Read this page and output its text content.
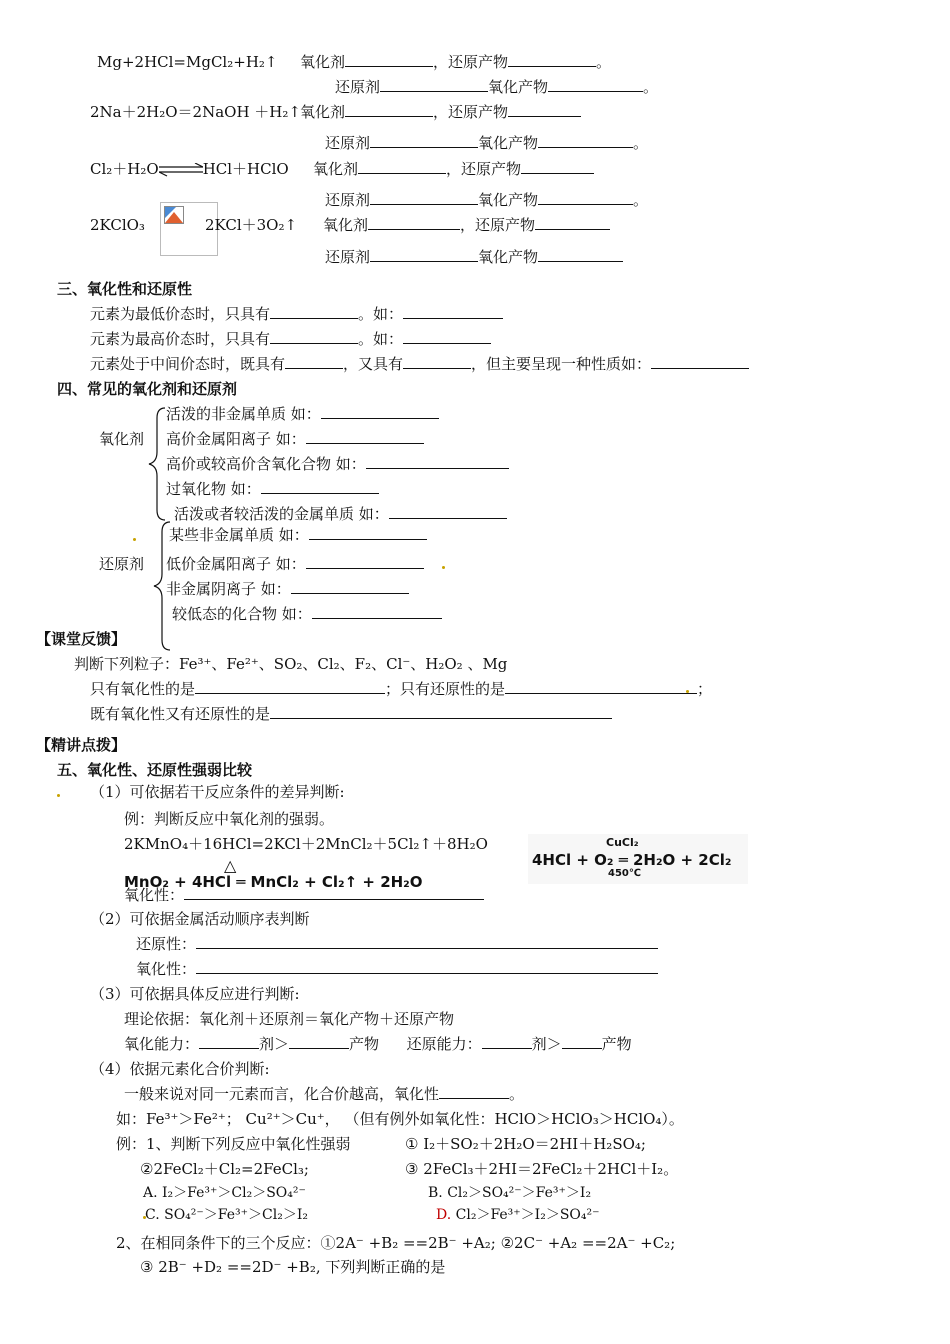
Mg+2HCl=MgCl₂+H₂↑ 氧化剂	，还原产物	。
还原剂	氧化产物	。
2Na＋2H₂O＝2NaOH ＋H₂↑ 氧化剂	，还原产物
还原剂	氧化产物	。
Cl₂＋H₂O⇌HCl＋HClO 氧化剂	，还原产物
还原剂	氧化产物	。
2KClO₃	2KCl＋3O₂↑ 氧化剂	，还原产物
还原剂	氧化产物
三、氧化性和还原性
元素为最低价态时，只具有	。如：
元素为最高价态时，只具有	。如：
元素处于中间价态时，既具有	，又具有	，但主要呈现一种性质如：
四、常见的氧化剂和还原剂
氧化剂
活泼的非金属单质 如：
高价金属阳离子 如：
高价或较高价含氧化合物 如：
过氧化物 如：
活泼或者较活泼的金属单质 如：
还原剂
某些非金属单质 如：
低价金属阳离子 如：
非金属阴离子 如：
较低态的化合物 如：
【课堂反馈】
判断下列粒子：Fe³⁺、Fe²⁺、SO₂、Cl₂、F₂、Cl⁻、H₂O₂ 、Mg
只有氧化性的是	；只有还原性的是	；
既有氧化性又有还原性的是
【精讲点拨】
五、氧化性、还原性强弱比较
（1）可依据若干反应条件的差异判断:
例：判断反应中氧化剂的强弱。
2KMnO₄＋16HCl=2KCl＋2MnCl₂＋5Cl₂↑＋8H₂O
△
MnO₂ + 4HCl ═ MnCl₂ + Cl₂↑ + 2H₂O
氧化性：
CuCl₂
4HCl + O₂ ═ 2H₂O + 2Cl₂
450℃
（2）可依据金属活动顺序表判断
还原性：
氧化性：
（3）可依据具体反应进行判断:
理论依据：氧化剂＋还原剂＝氧化产物＋还原产物
氧化能力：	剂＞	产物 还原能力：	剂＞	产物
（4）依据元素化合价判断:
一般来说对同一元素而言，化合价越高，氧化性	。
如：Fe³⁺＞Fe²⁺； Cu²⁺＞Cu⁺， （但有例外如氧化性：HClO＞HClO₃＞HClO₄）。
例：1、判断下列反应中氧化性强弱	① I₂＋SO₂＋2H₂O＝2HI＋H₂SO₄;
②2FeCl₂＋Cl₂=2FeCl₃;	③ 2FeCl₃＋2HI＝2FeCl₂＋2HCl＋I₂。
A. I₂＞Fe³⁺＞Cl₂＞SO₄²⁻	B. Cl₂＞SO₄²⁻＞Fe³⁺＞I₂
C. SO₄²⁻＞Fe³⁺＞Cl₂＞I₂	D. Cl₂＞Fe³⁺＞I₂＞SO₄²⁻
2、在相同条件下的三个反应：①2A⁻ +B₂ ==2B⁻ +A₂; ②2C⁻ +A₂ ==2A⁻ +C₂;
③ 2B⁻ +D₂ ==2D⁻ +B₂, 下列判断正确的是
